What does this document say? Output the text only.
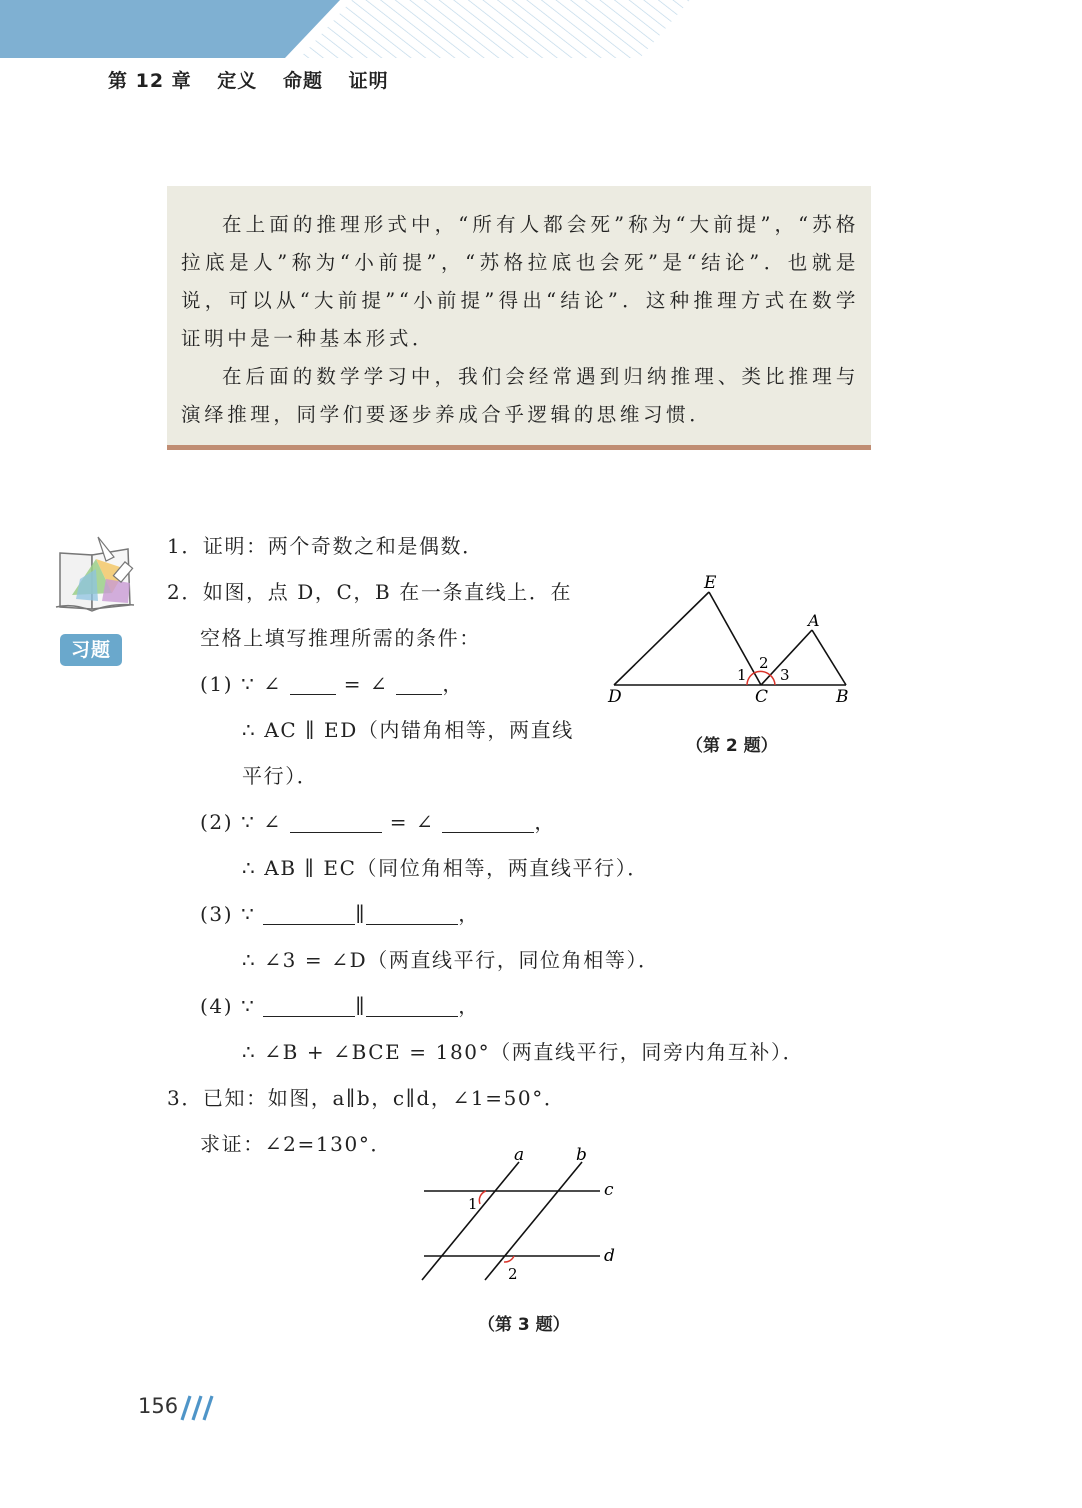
第 12 章 定义 命题 证明

在上面的推理形式中，“所有人都会死”称为“大前提”，“苏格拉底是人”称为“小前提”，“苏格拉底也会死”是“结论”．也就是说，可以从“大前提”“小前提”得出“结论”．这种推理方式在数学证明中是一种基本形式．

在后面的数学学习中，我们会经常遇到归纳推理、类比推理与演绎推理，同学们要逐步养成合乎逻辑的思维习惯．

习题
1．证明：两个奇数之和是偶数．
2．如图，点 D，C，B 在一条直线上．在
空格上填写推理所需的条件：
(1) ∵ ∠	= ∠	，
∴ AC ∥ ED（内错角相等，两直线
平行）．
(2) ∵ ∠	= ∠	，
∴ AB ∥ EC（同位角相等，两直线平行）．
(3) ∵	∥	，
∴ ∠3 = ∠D（两直线平行，同位角相等）．
(4) ∵	∥	，
∴ ∠B + ∠BCE = 180°（两直线平行，同旁内角互补）．
3．已知：如图，a∥b，c∥d，∠1=50°．
求证：∠2=130°．
E
A
D	C	B
1
2
3
（第 2 题）
a	b
c
d
1
2
（第 3 题）
156
